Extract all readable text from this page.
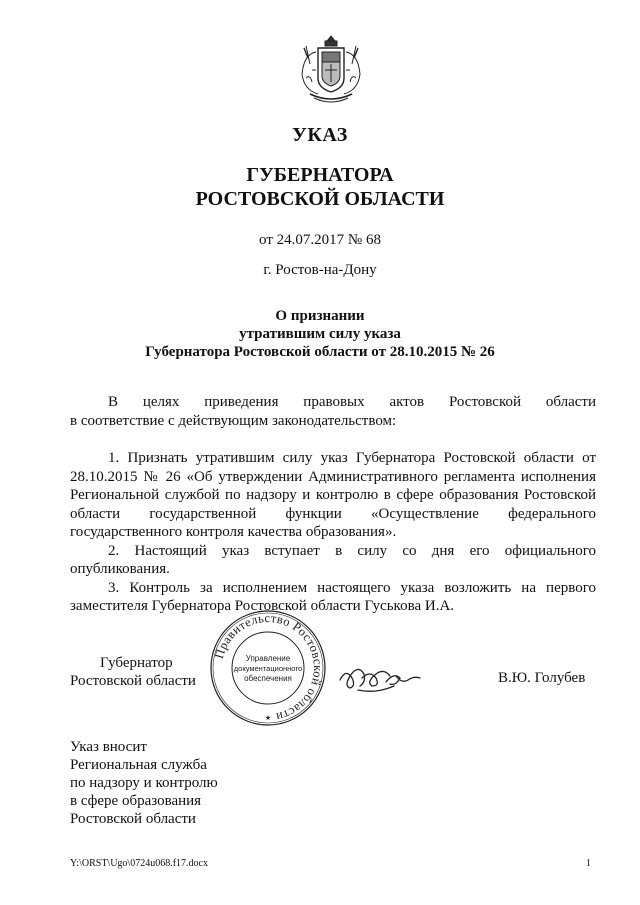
УКАЗ
ГУБЕРНАТОРА
РОСТОВСКОЙ ОБЛАСТИ
от 24.07.2017 № 68
г. Ростов-на-Дону
О признании
утратившим силу указа
Губернатора Ростовской области от 28.10.2015 № 26
В целях приведения правовых актов Ростовской области
в соответствие с действующим законодательством:

1. Признать утратившим силу указ Губернатора Ростовской области от 28.10.2015 № 26 «Об утверждении Административного регламента исполнения Региональной службой по надзору и контролю в сфере образования Ростовской области государственной функции «Осуществление федерального государственного контроля качества образования».

2. Настоящий указ вступает в силу со дня его официального опубликования.

3. Контроль за исполнением настоящего указа возложить на первого заместителя Губернатора Ростовской области Гуськова И.А.

Губернатор
Ростовской области
Правительство Ростовской области
Управление
документационного
обеспечения
★
В.Ю. Голубев
Указ вносит
Региональная служба
по надзору и контролю
в сфере образования
Ростовской области
Y:\ORST\Ugo\0724u068.f17.docx	1
